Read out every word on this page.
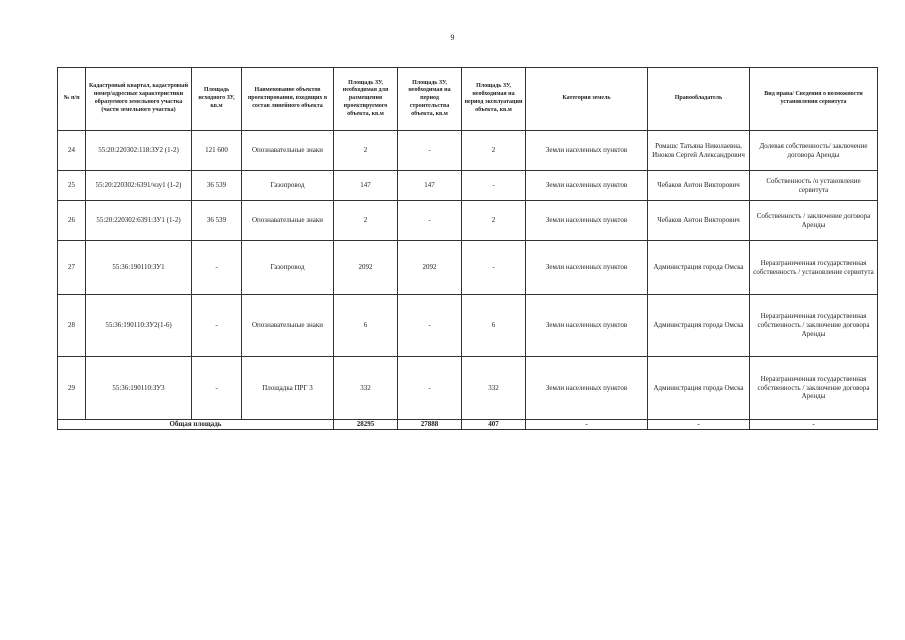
9
№ п/п	Кадастровый квартал, кадастровый номер/адресные характеристики образуемого земельного участка (части земельного участка)	Площадь исходного ЗУ, кв.м	Наименование объектов проектирования, входящих в состав линейного объекта	Площадь ЗУ, необходимая для размещения проектируемого объекта, кв.м	Площадь ЗУ, необходимая на период строительства объекта, кв.м	Площадь ЗУ, необходимая на период эксплуатации объекта, кв.м	Категория земель	Правообладатель	Вид права/ Сведения о возможности установления сервитута
24	55:20:220302:118:ЗУ2 (1-2)	121 600	Опознавательные знаки	2	-	2	Земли населенных пунктов	Ромашс Татьяна Николаевна, Иноков Сергей Александрович	Долевая собственность/ заключение договора Аренды
25	55:20:220302:6391/чзу1 (1-2)	36 539	Газопровод	147	147	-	Земли населенных пунктов	Чебаков Антон Викторович	Собственность /о установление сервитута
26	55:20:220302:6391:ЗУ1 (1-2)	36 539	Опознавательные знаки	2	-	2	Земли населенных пунктов	Чебаков Антон Викторович	Собственность / заключение договора Аренды
27	55:36:190110:ЗУ1	-	Газопровод	2092	2092	-	Земли населенных пунктов	Администрация города Омска	Неразграниченная государственная собственность / установление сервитута
28	55:36:190110:ЗУ2(1-6)	-	Опознавательные знаки	6	-	6	Земли населенных пунктов	Администрация города Омска	Неразграниченная государственная собственность / заключение договора Аренды
29	55:36:190110:ЗУ3	-	Площадка ПРГ 3	332	-	332	Земли населенных пунктов	Администрация города Омска	Неразграниченная государственная собственность / заключение договора Аренды
Общая площадь				28295	27888	407	-	-	-
